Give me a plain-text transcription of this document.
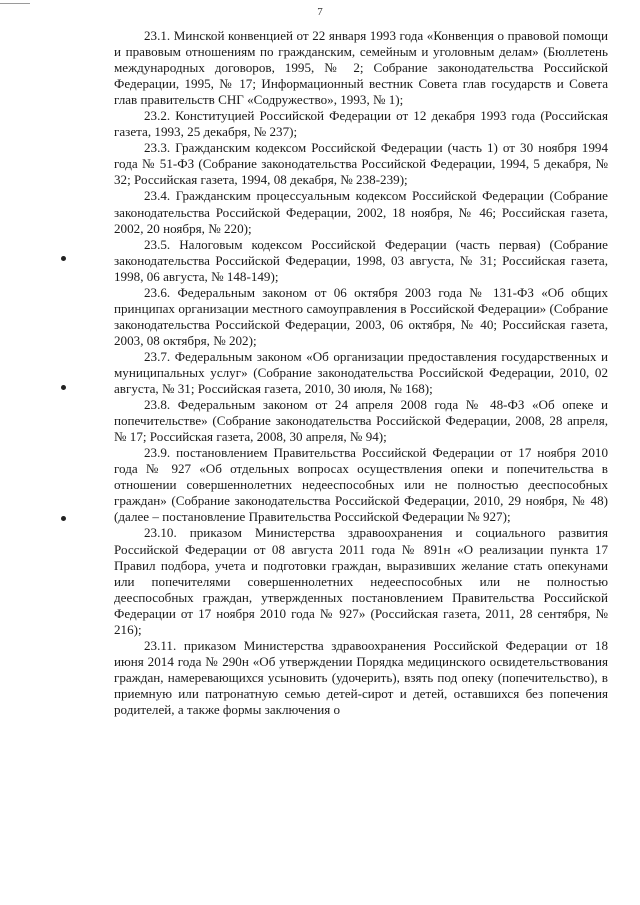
7

23.1. Минской конвенцией от 22 января 1993 года «Конвенция о правовой помощи и правовым отношениям по гражданским, семейным и уголовным делам» (Бюллетень международных договоров, 1995, № 2; Собрание законодательства Российской Федерации, 1995, № 17; Информационный вестник Совета глав государств и Совета глав правительств СНГ «Содружество», 1993, № 1);

23.2. Конституцией Российской Федерации от 12 декабря 1993 года (Российская газета, 1993, 25 декабря, № 237);

23.3. Гражданским кодексом Российской Федерации (часть 1) от 30 ноября 1994 года № 51-ФЗ (Собрание законодательства Российской Федерации, 1994, 5 декабря, № 32; Российская газета, 1994, 08 декабря, № 238-239);

23.4. Гражданским процессуальным кодексом Российской Федерации (Собрание законодательства Российской Федерации, 2002, 18 ноября, № 46; Российская газета, 2002, 20 ноября, № 220);

23.5. Налоговым кодексом Российской Федерации (часть первая) (Собрание законодательства Российской Федерации, 1998, 03 августа, № 31; Российская газета, 1998, 06 августа, № 148-149);

23.6. Федеральным законом от 06 октября 2003 года № 131-ФЗ «Об общих принципах организации местного самоуправления в Российской Федерации» (Собрание законодательства Российской Федерации, 2003, 06 октября, № 40; Российская газета, 2003, 08 октября, № 202);

23.7. Федеральным законом «Об организации предоставления государственных и муниципальных услуг» (Собрание законодательства Российской Федерации, 2010, 02 августа, № 31; Российская газета, 2010, 30 июля, № 168);

23.8. Федеральным законом от 24 апреля 2008 года № 48-ФЗ «Об опеке и попечительстве» (Собрание законодательства Российской Федерации, 2008, 28 апреля, № 17; Российская газета, 2008, 30 апреля, № 94);

23.9. постановлением Правительства Российской Федерации от 17 ноября 2010 года № 927 «Об отдельных вопросах осуществления опеки и попечительства в отношении совершеннолетних недееспособных или не полностью дееспособных граждан» (Собрание законодательства Российской Федерации, 2010, 29 ноября, № 48) (далее – постановление Правительства Российской Федерации № 927);

23.10. приказом Министерства здравоохранения и социального развития Российской Федерации от 08 августа 2011 года № 891н «О реализации пункта 17 Правил подбора, учета и подготовки граждан, выразивших желание стать опекунами или попечителями совершеннолетних недееспособных или не полностью дееспособных граждан, утвержденных постановлением Правительства Российской Федерации от 17 ноября 2010 года № 927» (Российская газета, 2011, 28 сентября, № 216);

23.11. приказом Министерства здравоохранения Российской Федерации от 18 июня 2014 года № 290н «Об утверждении Порядка медицинского освидетельствования граждан, намеревающихся усыновить (удочерить), взять под опеку (попечительство), в приемную или патронатную семью детей-сирот и детей, оставшихся без попечения родителей, а также формы заключения о
